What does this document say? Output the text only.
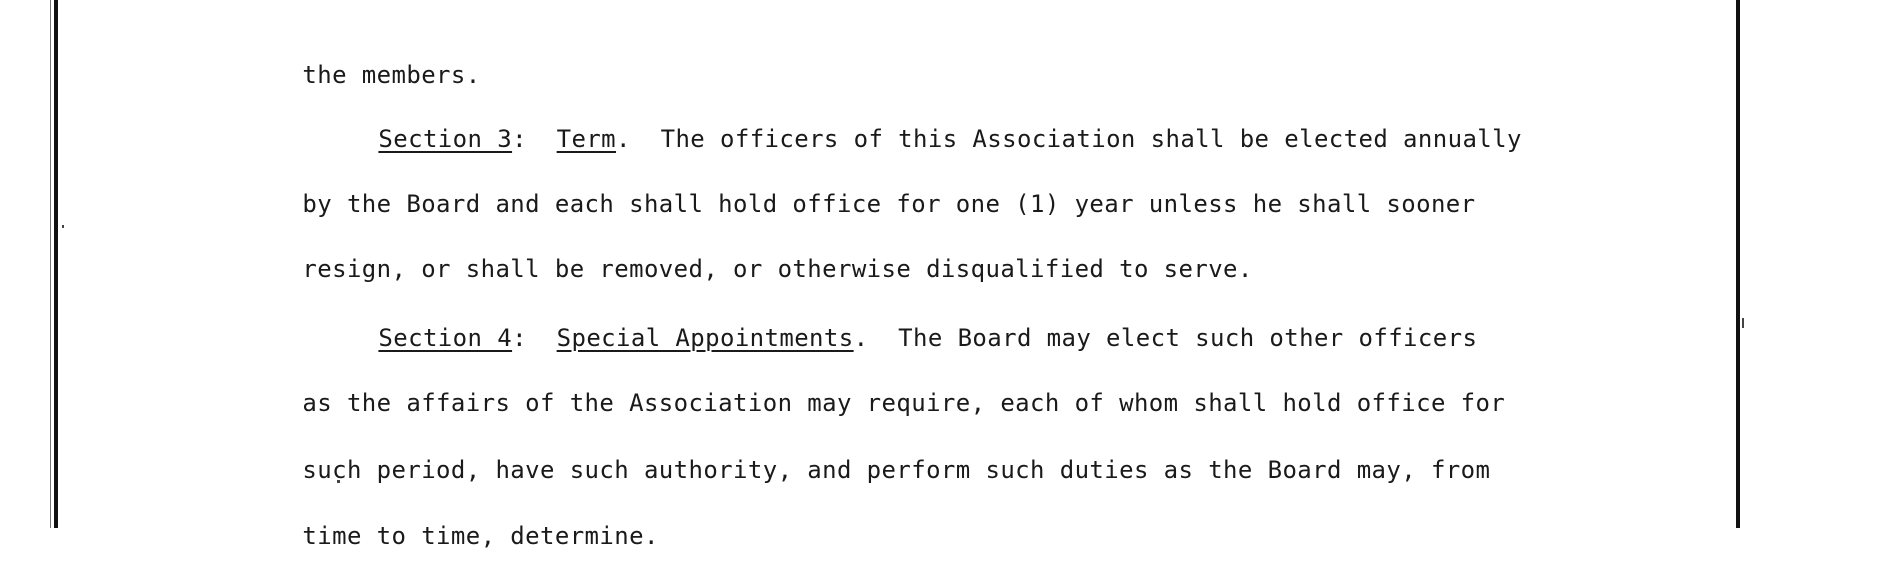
the members.

Section 3: Term. The officers of this Association shall be elected annually

by the Board and each shall hold office for one (1) year unless he shall sooner

resign, or shall be removed, or otherwise disqualified to serve.

Section 4: Special Appointments. The Board may elect such other officers

as the affairs of the Association may require, each of whom shall hold office for

such period, have such authority, and perform such duties as the Board may, from

time to time, determine.
